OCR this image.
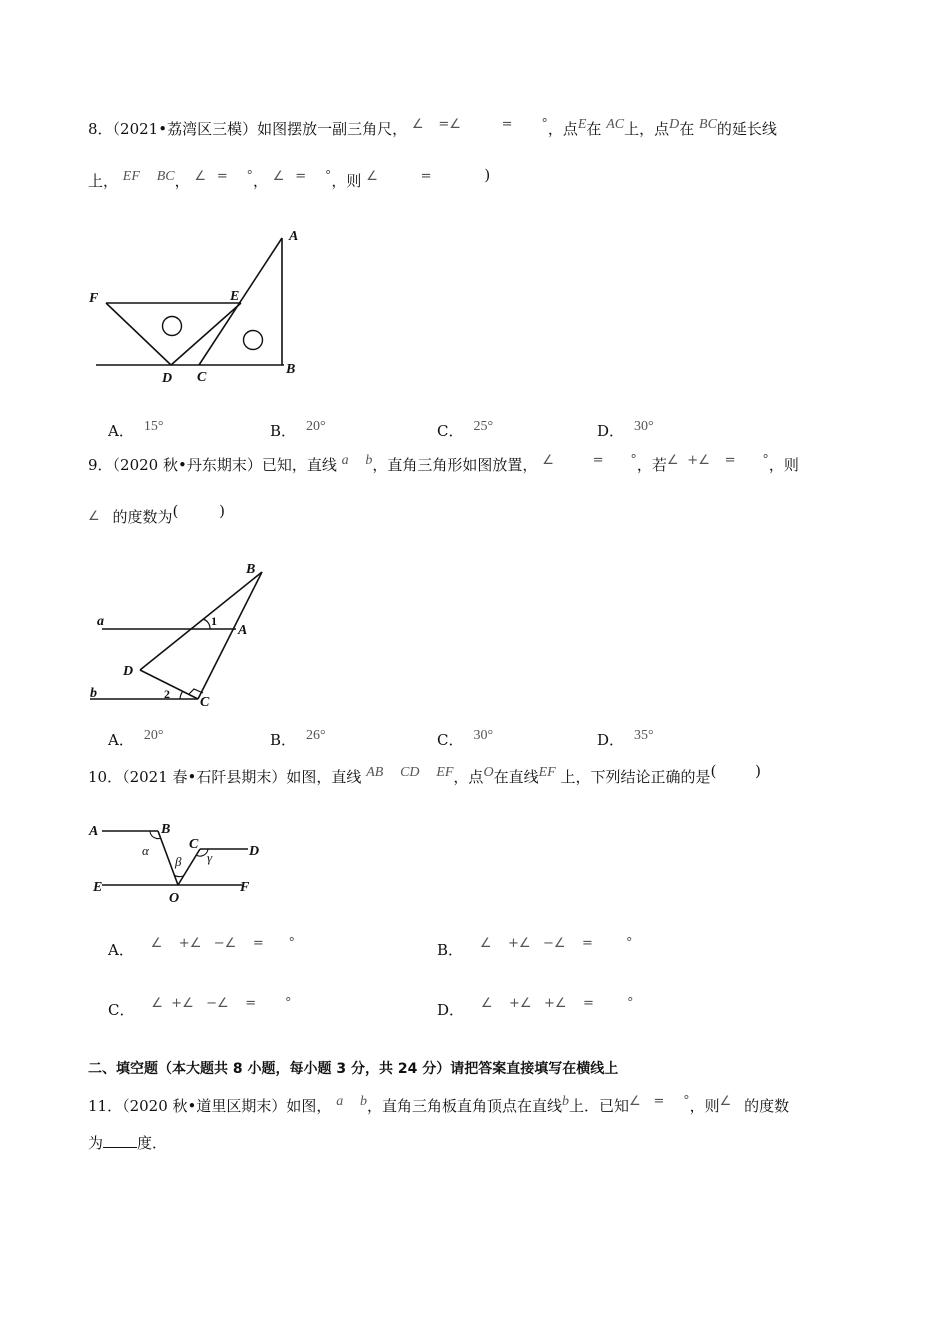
8．（2021•荔湾区三模）如图摆放一副三角尺， ∠ =∠	= °，点E在 AC上，点D在 BC的延长线
上， EF BC， ∠ = °， ∠ = °，则 ∠	=	)
A
F	E
D C
B
A． 15°	B． 20°	C． 25°	D． 30°
9．（2020 秋•丹东期末）已知，直线 a b，直角三角形如图放置， ∠	= °，若∠ +∠ = °，则
∠ 的度数为(	)
a
b
B
A
D
C
1
2
A． 20°	B． 26°	C． 30°	D． 35°
10．（2021 春•石阡县期末）如图，直线 AB CD EF，点O在直线EF 上，下列结论正确的是(	)
A	B
C	D
E	F
O
α
β γ
A． ∠    +∠   −∠    =      °	B． ∠    +∠   −∠    =        °
C． ∠  +∠   −∠    =       °	D． ∠    +∠   +∠    =        °
二、填空题（本大题共 8 小题，每小题 3 分，共 24 分）请把答案直接填写在横线上
11．（2020 秋•道里区期末）如图， a b，直角三角板直角顶点在直线b上．已知∠ = °，则∠ 的度数
为 度．
